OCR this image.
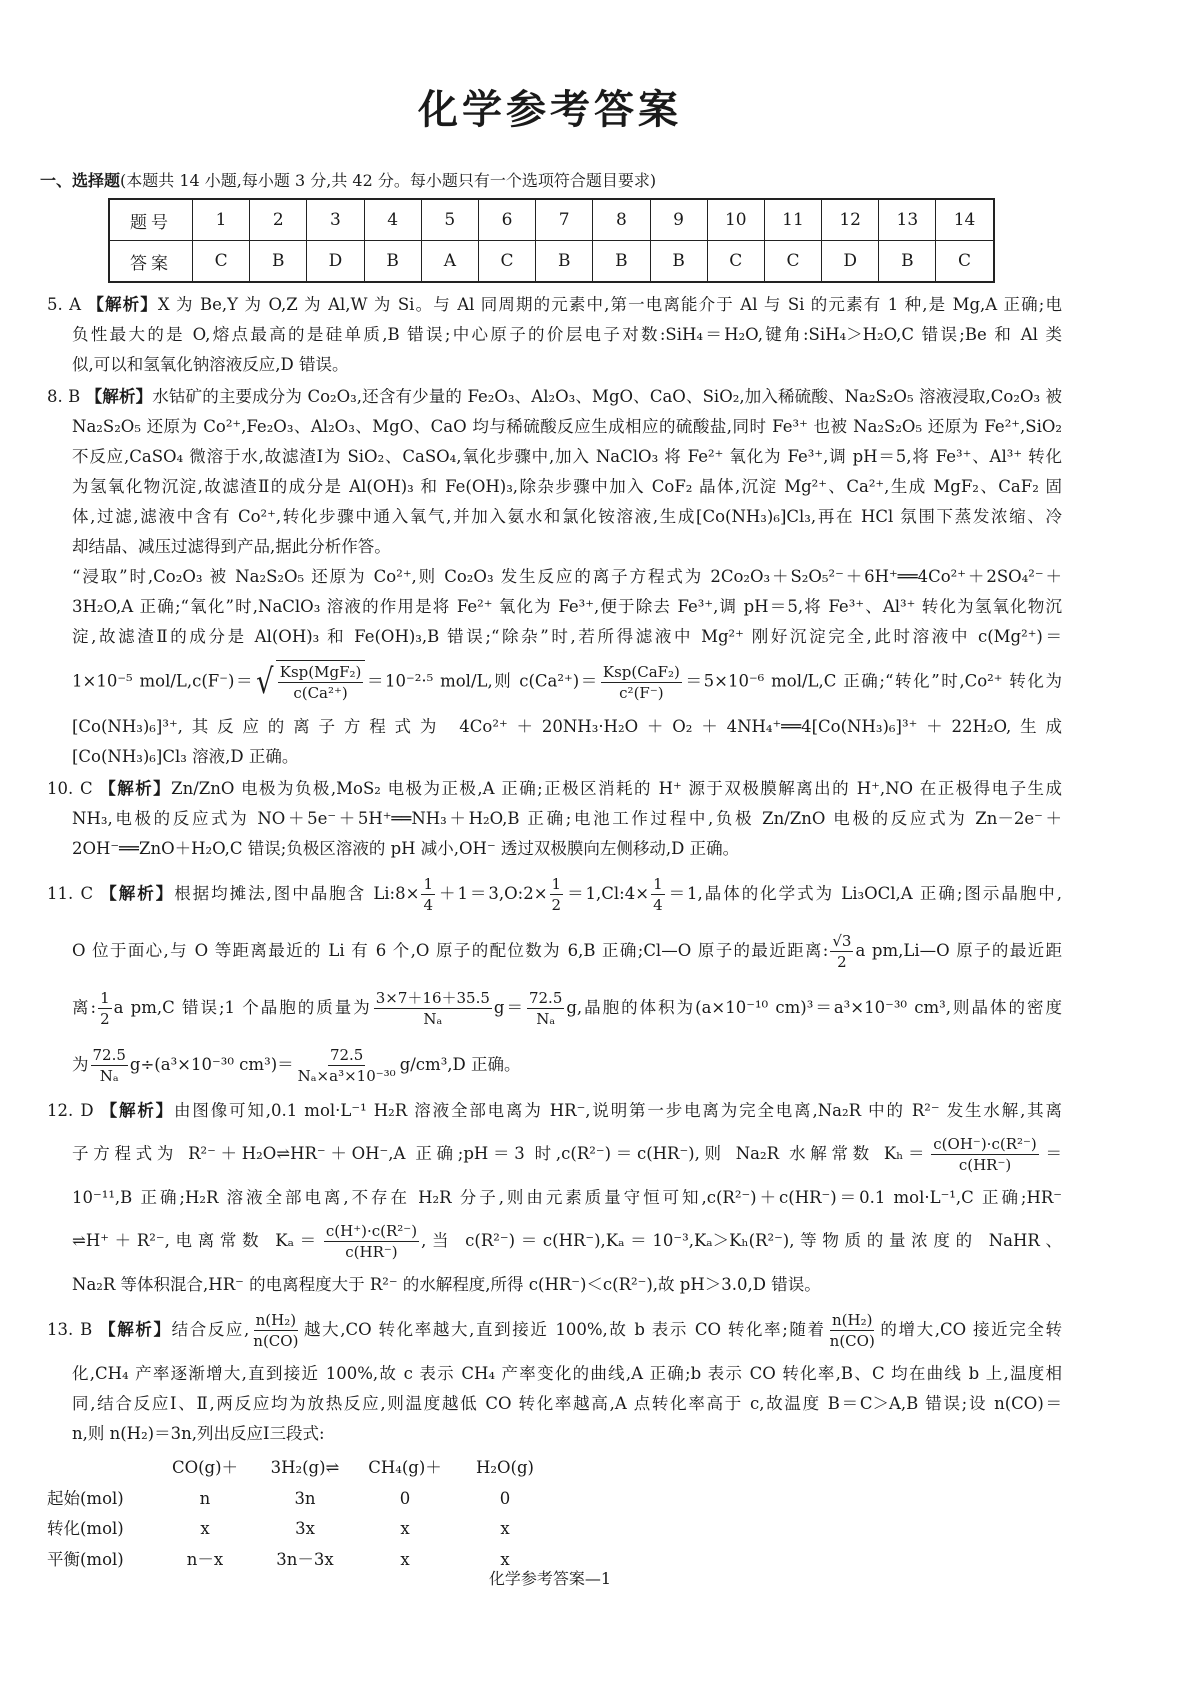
化学参考答案
一、选择题(本题共 14 小题,每小题 3 分,共 42 分。每小题只有一个选项符合题目要求)
题号	1	2	3	4	5	6	7	8	9	10	11	12	13	14
答案	C	B	D	B	A	C	B	B	B	C	C	D	B	C
5. A 【解析】X 为 Be,Y 为 O,Z 为 Al,W 为 Si。与 Al 同周期的元素中,第一电离能介于 Al 与 Si 的元素有 1 种,是 Mg,A 正确;电
负性最大的是 O,熔点最高的是硅单质,B 错误;中心原子的价层电子对数:SiH₄＝H₂O,键角:SiH₄＞H₂O,C 错误;Be 和 Al 类
似,可以和氢氧化钠溶液反应,D 错误。
8. B 【解析】水钴矿的主要成分为 Co₂O₃,还含有少量的 Fe₂O₃、Al₂O₃、MgO、CaO、SiO₂,加入稀硫酸、Na₂S₂O₅ 溶液浸取,Co₂O₃ 被
Na₂S₂O₅ 还原为 Co²⁺,Fe₂O₃、Al₂O₃、MgO、CaO 均与稀硫酸反应生成相应的硫酸盐,同时 Fe³⁺ 也被 Na₂S₂O₅ 还原为 Fe²⁺,SiO₂
不反应,CaSO₄ 微溶于水,故滤渣Ⅰ为 SiO₂、CaSO₄,氧化步骤中,加入 NaClO₃ 将 Fe²⁺ 氧化为 Fe³⁺,调 pH＝5,将 Fe³⁺、Al³⁺ 转化
为氢氧化物沉淀,故滤渣Ⅱ的成分是 Al(OH)₃ 和 Fe(OH)₃,除杂步骤中加入 CoF₂ 晶体,沉淀 Mg²⁺、Ca²⁺,生成 MgF₂、CaF₂ 固
体,过滤,滤液中含有 Co²⁺,转化步骤中通入氧气,并加入氨水和氯化铵溶液,生成[Co(NH₃)₆]Cl₃,再在 HCl 氛围下蒸发浓缩、冷
却结晶、减压过滤得到产品,据此分析作答。
“浸取”时,Co₂O₃ 被 Na₂S₂O₅ 还原为 Co²⁺,则 Co₂O₃ 发生反应的离子方程式为 2Co₂O₃＋S₂O₅²⁻＋6H⁺══4Co²⁺＋2SO₄²⁻＋
3H₂O,A 正确;“氧化”时,NaClO₃ 溶液的作用是将 Fe²⁺ 氧化为 Fe³⁺,便于除去 Fe³⁺,调 pH＝5,将 Fe³⁺、Al³⁺ 转化为氢氧化物沉
淀,故滤渣Ⅱ的成分是 Al(OH)₃ 和 Fe(OH)₃,B 错误;“除杂”时,若所得滤液中 Mg²⁺ 刚好沉淀完全,此时溶液中 c(Mg²⁺)＝
1×10⁻⁵ mol/L,c(F⁻)＝ √ $\frac{\text{Ksp(MgF₂)}}{\text{c(Ca²⁺)}} =10^{-2}\cdot^5$ mol/L,则 $c(Ca^{2+})= \frac{\text{Ksp(CaF₂)}}{\text{c²(F⁻)}} =5\times 10^{-6}$ mol/L,C 正确;“转化”时,Co²⁺ 转化为
[Co(NH₃)₆]³⁺,其反应的离子方程式为 4Co²⁺＋20NH₃·H₂O＋O₂＋4NH₄⁺══4[Co(NH₃)₆]³⁺＋22H₂O,生成
[Co(NH₃)₆]Cl₃ 溶液,D 正确。
10. C 【解析】Zn/ZnO 电极为负极,MoS₂ 电极为正极,A 正确;正极区消耗的 H⁺ 源于双极膜解离出的 H⁺,NO 在正极得电子生成
NH₃,电极的反应式为 NO＋5e⁻＋5H⁺══NH₃＋H₂O,B 正确;电池工作过程中,负极 Zn/ZnO 电极的反应式为 Zn－2e⁻＋
2OH⁻══ZnO＋H₂O,C 错误;负极区溶液的 pH 减小,OH⁻ 透过双极膜向左侧移动,D 正确。
11. C 【解析】根据均摊法,图中晶胞含 Li:8× $\frac{1}{4}$ ＋1＝3,O:2× $\frac{1}{2}$ ＝1,Cl:4× $\frac{1}{4} =1$,晶体的化学式为 Li₃OCl,A 正确;图示晶胞中,
O 位于面心,与 O 等距离最近的 Li 有 6 个,O 原子的配位数为 6,B 正确;Cl—O 原子的最近距离: $\frac{√3}{2}$ a pm,Li—O 原子的最近距
离: $\frac{1}{2}$ a pm,C 错误;1 个晶胞的质量为 $\frac{3\times 7+16+35.5}{\text{Nₐ}} g= \frac{72.5}{\text{Nₐ}} g$,晶胞的体积为(a×10⁻¹⁰ cm)³＝a³×10⁻³⁰ cm³,则晶体的密度
为 $\frac{72.5}{\text{Nₐ}} g\div(a^3\times 10^{-30}$ $cm^3)= \frac{72.5}{\text{Nₐ×a³×10⁻³⁰}} g/cm^3,D$ 正确。
12. D 【解析】由图像可知,0.1 mol·L⁻¹ H₂R 溶液全部电离为 HR⁻,说明第一步电离为完全电离,Na₂R 中的 R²⁻ 发生水解,其离
子方程式为 R²⁻＋H₂O⇌HR⁻＋OH⁻,A 正确;pH＝3 时,c(R²⁻)＝c(HR⁻),则 Na₂R 水解常数 $K_h= \frac{\text{c(OH⁻)·c(R²⁻)}}{c(HR^-)}$ ＝
10⁻¹¹,B 正确;H₂R 溶液全部电离,不存在 H₂R 分子,则由元素质量守恒可知,c(R²⁻)＋c(HR⁻)＝0.1 mol·L⁻¹,C 正确;HR⁻
⇌H⁺＋R²⁻,电离常数 $K_a= \frac{\text{c(H⁺)·c(R²⁻)}}{c(HR^-)}$ ,当 c(R²⁻)＝c(HR⁻),Kₐ＝10⁻³,Kₐ＞Kₕ(R²⁻),等物质的量浓度的 NaHR、
Na₂R 等体积混合,HR⁻ 的电离程度大于 R²⁻ 的水解程度,所得 c(HR⁻)＜c(R²⁻),故 pH＞3.0,D 错误。
13. B 【解析】结合反应, $\frac{\text{n(H₂)}}{n(CO)}$ 越大,CO 转化率越大,直到接近 100%,故 b 表示 CO 转化率;随着 $\frac{\text{n(H₂)}}{n(CO)}$ 的增大,CO 接近完全转
化,CH₄ 产率逐渐增大,直到接近 100%,故 c 表示 CH₄ 产率变化的曲线,A 正确;b 表示 CO 转化率,B、C 均在曲线 b 上,温度相
同,结合反应Ⅰ、Ⅱ,两反应均为放热反应,则温度越低 CO 转化率越高,A 点转化率高于 c,故温度 B＝C＞A,B 错误;设 n(CO)＝
n,则 n(H₂)＝3n,列出反应Ⅰ三段式:
CO(g)＋	3H₂(g)⇌	CH₄(g)＋	H₂O(g)
起始(mol)	n	3n	0	0
转化(mol)	x	3x	x	x
平衡(mol)	n－x	3n－3x	x	x
化学参考答案—1
